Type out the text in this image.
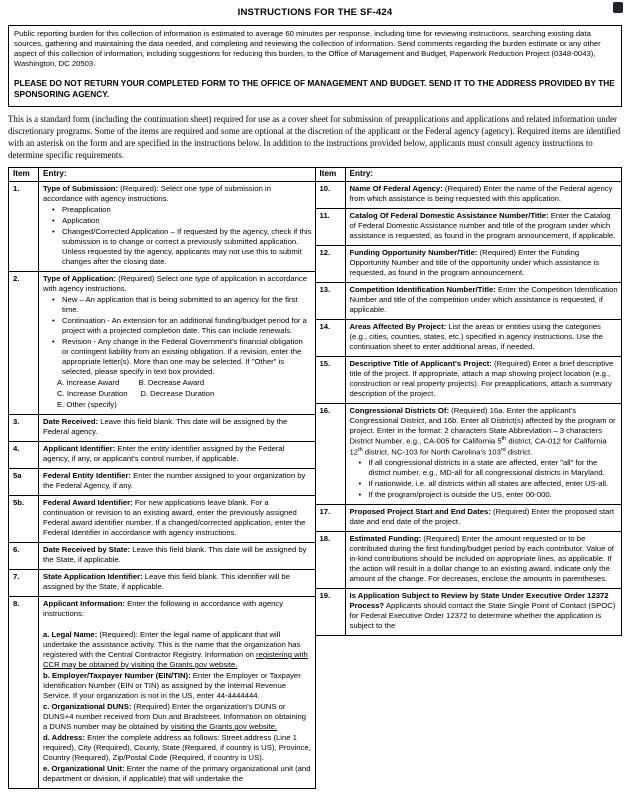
INSTRUCTIONS FOR THE SF-424

Public reporting burden for this collection of information is estimated to average 60 minutes per response, including time for reviewing instructions, searching existing data sources, gathering and maintaining the data needed, and completing and reviewing the collection of information. Send comments regarding the burden estimate or any other aspect of this collection of information, including suggestions for reducing this burden, to the Office of Management and Budget, Paperwork Reduction Project (0348-0043), Washington, DC 20503.

PLEASE DO NOT RETURN YOUR COMPLETED FORM TO THE OFFICE OF MANAGEMENT AND BUDGET. SEND IT TO THE ADDRESS PROVIDED BY THE SPONSORING AGENCY.

This is a standard form (including the continuation sheet) required for use as a cover sheet for submission of preapplications and applications and related information under discretionary programs. Some of the items are required and some are optional at the discretion of the applicant or the Federal agency (agency). Required items are identified with an asterisk on the form and are specified in the instructions below. In addition to the instructions provided below, applicants must consult agency instructions to determine specific requirements.

Item	Entry:
1.	Type of Submission: (Required): Select one type of submission in accordance with agency instructions.
• Preapplication
• Application
• Changed/Corrected Application – If requested by the agency, check if this submission is to change or correct a previously submitted application. Unless requested by the agency, applicants may not use this to submit changes after the closing date.

2.	Type of Application: (Required) Select one type of application in accordance with agency instructions.
• New – An application that is being submitted to an agency for the first time.
• Continuation - An extension for an additional funding/budget period for a project with a projected completion date. This can include renewals.
• Revision - Any change in the Federal Government's financial obligation or contingent liability from an existing obligation. If a revision, enter the appropriate letter(s). More than one may be selected. If "Other" is selected, please specify in text box provided.
A. Increase Award         B. Decrease Award
C. Increase Duration      D. Decrease Duration
E. Other (specify)

3.	Date Received: Leave this field blank. This date will be assigned by the Federal agency.

4.	Applicant Identifier: Enter the entity identifier assigned by the Federal agency, if any, or applicant's control number, if applicable.

5a	Federal Entity Identifier: Enter the number assigned to your organization by the Federal Agency, if any.

5b.	Federal Award Identifier: For new applications leave blank. For a continuation or revision to an existing award, enter the previously assigned Federal award identifier number. If a changed/corrected application, enter the Federal Identifier in accordance with agency instructions.

6.	Date Received by State: Leave this field blank. This date will be assigned by the State, if applicable.

7.	State Application Identifier: Leave this field blank. This identifier will be assigned by the State, if applicable.

8.	Applicant Information: Enter the following in accordance with agency instructions:
a. Legal Name: (Required): Enter the legal name of applicant that will undertake the assistance activity. This is the name that the organization has registered with the Central Contractor Registry. Information on registering with CCR may be obtained by visiting the Grants.gov website.
b. Employer/Taxpayer Number (EIN/TIN): Enter the Employer or Taxpayer Identification Number (EIN or TIN) as assigned by the Internal Revenue Service. If your organization is not in the US, enter 44-4444444.
c. Organizational DUNS: (Required) Enter the organization's DUNS or DUNS+4 number received from Dun and Bradstreet. Information on obtaining a DUNS number may be obtained by visiting the Grants.gov website.
d. Address: Enter the complete address as follows: Street address (Line 1 required), City (Required), County, State (Required, if country is US), Province, Country (Required), Zip/Postal Code (Required, if country is US).
e. Organizational Unit: Enter the name of the primary organizational unit (and department or division, if applicable) that will undertake the
Item	Entry:
10.	Name Of Federal Agency: (Required) Enter the name of the Federal agency from which assistance is being requested with this application.

11.	Catalog Of Federal Domestic Assistance Number/Title: Enter the Catalog of Federal Domestic Assistance number and title of the program under which assistance is requested, as found in the program announcement, if applicable.

12.	Funding Opportunity Number/Title: (Required) Enter the Funding Opportunity Number and title of the opportunity under which assistance is requested, as found in the program announcement.

13.	Competition Identification Number/Title: Enter the Competition Identification Number and title of the competition under which assistance is requested, if applicable.

14.	Areas Affected By Project: List the areas or entities using the categories (e.g., cities, counties, states, etc.) specified in agency instructions. Use the continuation sheet to enter additional areas, if needed.

15.	Descriptive Title of Applicant's Project: (Required) Enter a brief descriptive title of the project. If appropriate, attach a map showing project location (e.g., construction or real property projects). For preapplications, attach a summary description of the project.

16.	Congressional Districts Of: (Required) 16a. Enter the applicant's Congressional District, and 16b. Enter all District(s) affected by the program or project. Enter in the format: 2 characters State Abbreviation – 3 characters District Number, e.g., CA-005 for California 5th district, CA-012 for California 12th district, NC-103 for North Carolina's 103rd district.
• If all congressional districts in a state are affected, enter "all" for the district number, e.g., MD-all for all congressional districts in Maryland.
• If nationwide, i.e. all districts within all states are affected, enter US-all.
• If the program/project is outside the US, enter 00-000.

17.	Proposed Project Start and End Dates: (Required) Enter the proposed start date and end date of the project.

18.	Estimated Funding: (Required) Enter the amount requested or to be contributed during the first funding/budget period by each contributor. Value of in-kind contributions should be included on appropriate lines, as applicable. If the action will result in a dollar change to an existing award, indicate only the amount of the change. For decreases, enclose the amounts in parentheses.

19.	Is Application Subject to Review by State Under Executive Order 12372 Process? Applicants should contact the State Single Point of Contact (SPOC) for Federal Executive Order 12372 to determine whether the application is subject to the
